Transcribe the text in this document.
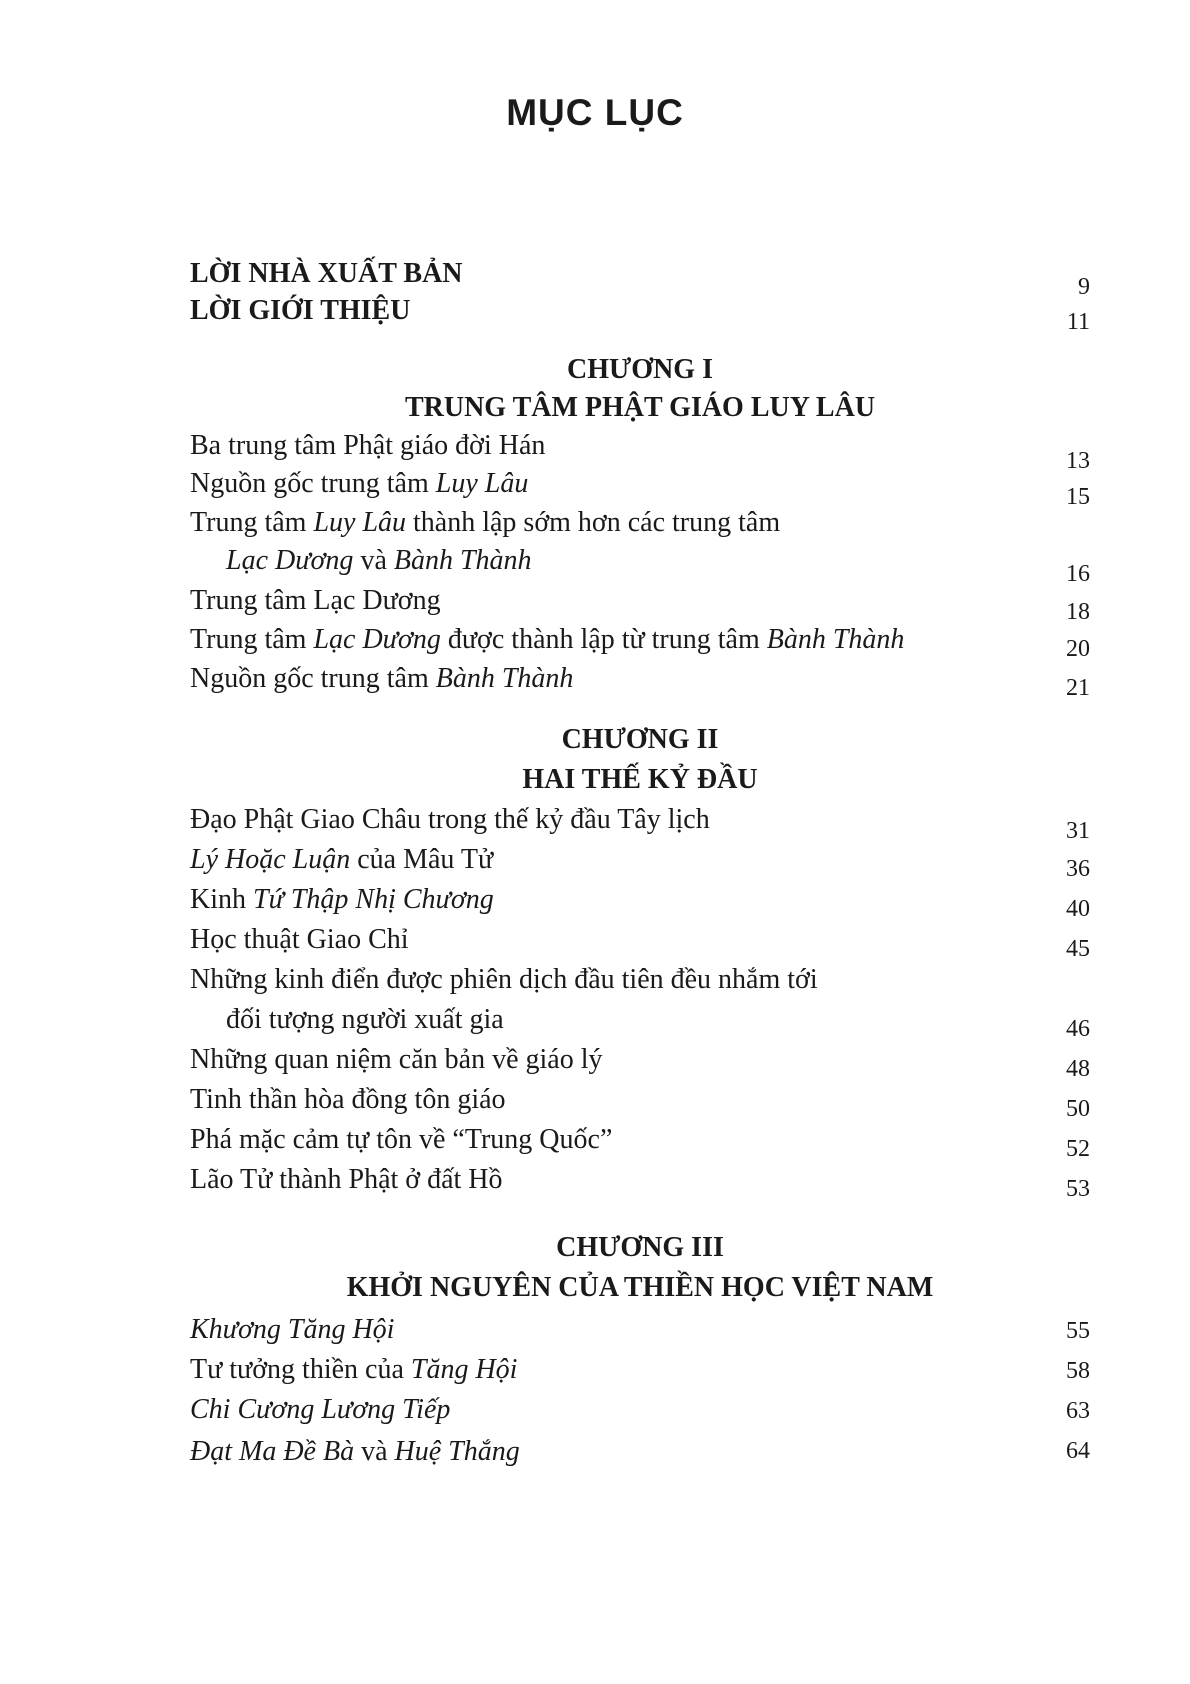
MỤC LỤC
LỜI NHÀ XUẤT BẢN	9
LỜI GIỚI THIỆU	11
CHƯƠNG I
TRUNG TÂM PHẬT GIÁO LUY LÂU
Ba trung tâm Phật giáo đời Hán	13
Nguồn gốc trung tâm Luy Lâu	15
Trung tâm Luy Lâu thành lập sớm hơn các trung tâm
Lạc Dương và Bành Thành	16
Trung tâm Lạc Dương	18
Trung tâm Lạc Dương được thành lập từ trung tâm Bành Thành	20
Nguồn gốc trung tâm Bành Thành	21
CHƯƠNG II
HAI THẾ KỶ ĐẦU
Đạo Phật Giao Châu trong thế kỷ đầu Tây lịch	31
Lý Hoặc Luận của Mâu Tử	36
Kinh Tứ Thập Nhị Chương	40
Học thuật Giao Chỉ	45
Những kinh điển được phiên dịch đầu tiên đều nhắm tới
đối tượng người xuất gia	46
Những quan niệm căn bản về giáo lý	48
Tinh thần hòa đồng tôn giáo	50
Phá mặc cảm tự tôn về “Trung Quốc”	52
Lão Tử thành Phật ở đất Hồ	53
CHƯƠNG III
KHỞI NGUYÊN CỦA THIỀN HỌC VIỆT NAM
Khương Tăng Hội	55
Tư tưởng thiền của Tăng Hội	58
Chi Cương Lương Tiếp	63
Đạt Ma Đề Bà và Huệ Thắng	64
